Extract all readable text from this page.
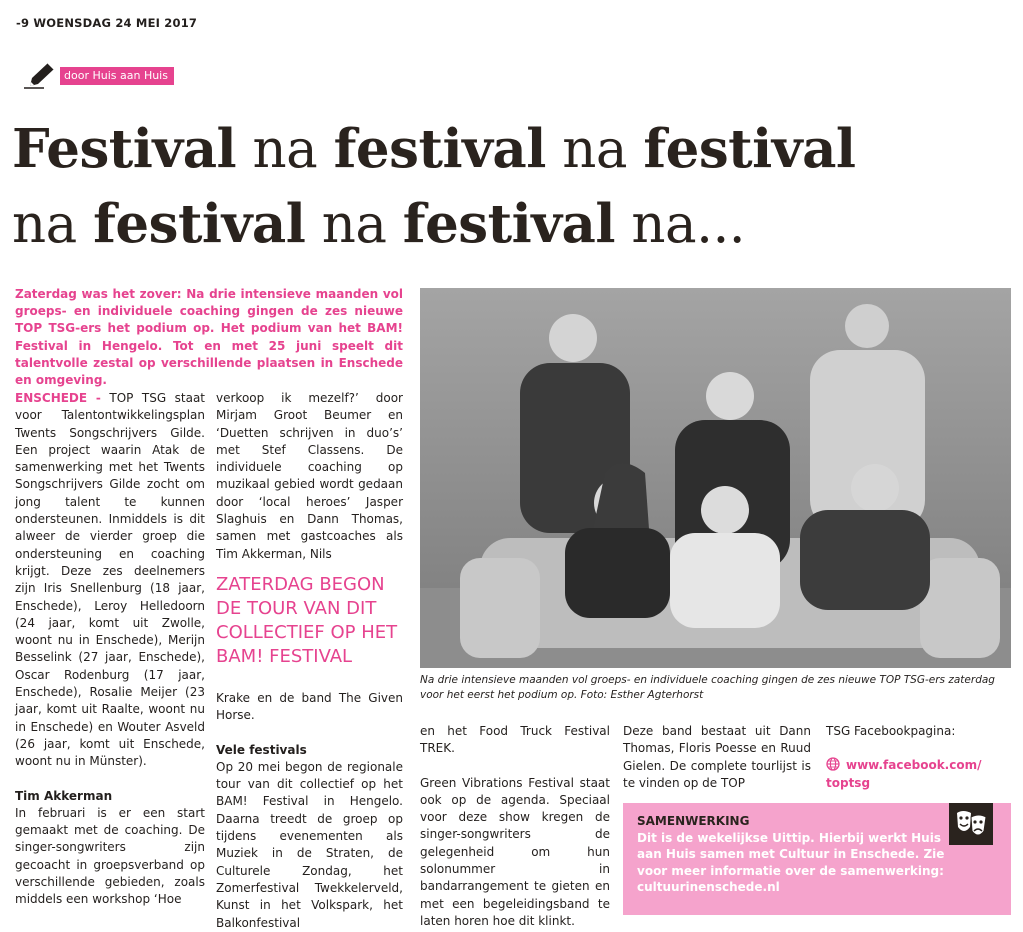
-9 WOENSDAG 24 MEI 2017
door Huis aan Huis
Festival na festival na festival
na festival na festival na...
Zaterdag was het zover: Na drie intensieve maanden vol groeps- en individuele coaching gingen de zes nieuwe TOP TSG-ers het podium op. Het podium van het BAM! Festival in Hengelo. Tot en met 25 juni speelt dit talentvolle zestal op verschillende plaatsen in Enschede en omgeving.

ENSCHEDE - TOP TSG staat voor Talentontwikkelingsplan Twents Songschrijvers Gilde. Een project waarin Atak de samenwerking met het Twents Songschrijvers Gilde zocht om jong talent te kunnen ondersteunen. Inmiddels is dit alweer de vierder groep die ondersteuning en coaching krijgt. Deze zes deelnemers zijn Iris Snellenburg (18 jaar, Enschede), Leroy Helledoorn (24 jaar, komt uit Zwolle, woont nu in Enschede), Merijn Besselink (27 jaar, Enschede), Oscar Rodenburg (17 jaar, Enschede), Rosalie Meijer (23 jaar, komt uit Raalte, woont nu in Enschede) en Wouter Asveld (26 jaar, komt uit Enschede, woont nu in Münster).

Tim Akkerman

In februari is er een start gemaakt met de coaching. De singer-songwriters zijn gecoacht in groepsverband op verschillende gebieden, zoals middels een workshop ‘Hoe

verkoop ik mezelf?’ door Mirjam Groot Beumer en ‘Duetten schrijven in duo’s’ met Stef Classens. De individuele coaching op muzikaal gebied wordt gedaan door ‘local heroes’ Jasper Slaghuis en Dann Thomas, samen met gastcoaches als Tim Akkerman, Nils

ZATERDAG BEGON DE TOUR VAN DIT COLLECTIEF OP HET BAM! FESTIVAL

Krake en de band The Given Horse.

Vele festivals

Op 20 mei begon de regionale tour van dit collectief op het BAM! Festival in Hengelo. Daarna treedt de groep op tijdens evenementen als Muziek in de Straten, de Culturele Zondag, het Zomerfestival Twekkelerveld, Kunst in het Volkspark, het Balkonfestival

Na drie intensieve maanden vol groeps- en individuele coaching gingen de zes nieuwe TOP TSG-ers zaterdag voor het eerst het podium op. Foto: Esther Agterhorst

en het Food Truck Festival TREK.

Green Vibrations Festival staat ook op de agenda. Speciaal voor deze show kregen de singer-songwriters de gelegenheid om hun solonummer in bandarrangement te gieten en met een begeleidingsband te laten horen hoe dit klinkt.

Deze band bestaat uit Dann Thomas, Floris Poesse en Ruud Gielen. De complete tourlijst is te vinden op de TOP

TSG Facebookpagina:

www.facebook.com/
toptsg

SAMENWERKING
Dit is de wekelijkse Uittip. Hierbij werkt Huis aan Huis samen met Cultuur in Enschede. Zie voor meer informatie over de samenwerking: cultuurinenschede.nl
